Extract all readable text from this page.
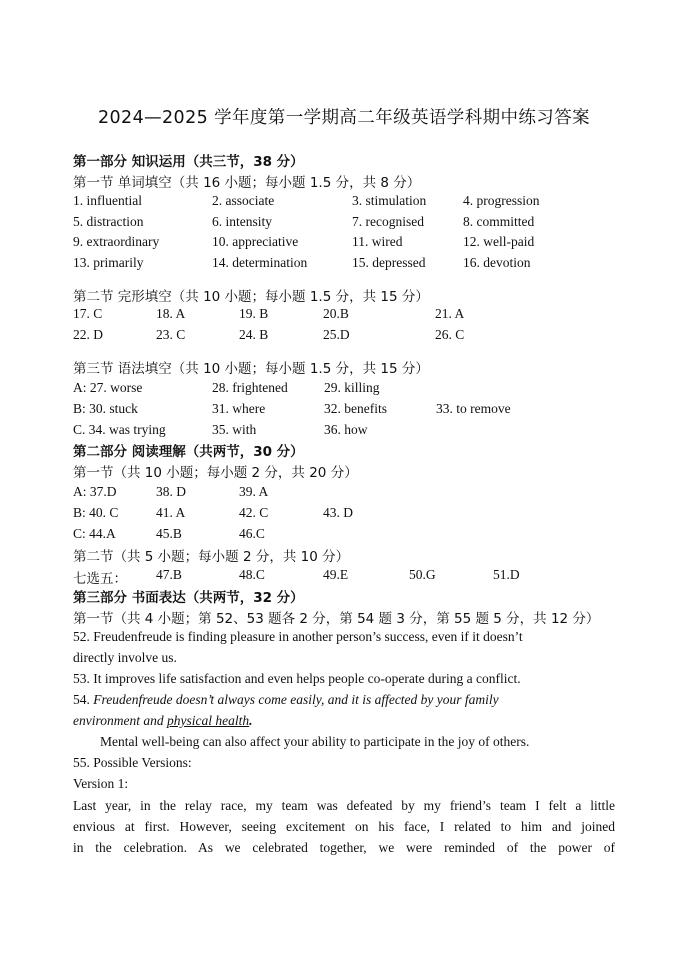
2024—2025 学年度第一学期高二年级英语学科期中练习答案
第一部分 知识运用（共三节，38 分）
第一节 单词填空（共 16 小题；每小题 1.5 分，共 8 分）
1. influential	2. associate	3. stimulation	4. progression
5. distraction	6. intensity	7. recognised	8. committed
9. extraordinary	10. appreciative	11. wired	12. well-paid
13. primarily	14. determination	15. depressed	16. devotion
第二节 完形填空（共 10 小题；每小题 1.5 分，共 15 分）
17. C	18. A	19. B	20.B	21. A
22. D	23. C	24. B	25.D	26. C
第三节 语法填空（共 10 小题；每小题 1.5 分，共 15 分）
A: 27. worse	28. frightened	29. killing
B: 30. stuck	31. where	32. benefits	33. to remove
C. 34. was trying	35. with	36. how
第二部分 阅读理解（共两节，30 分）
第一节（共 10 小题；每小题 2 分，共 20 分）
A: 37.D	38. D	39. A
B: 40. C	41. A	42. C	43. D
C: 44.A	45.B	46.C
第二节（共 5 小题；每小题 2 分，共 10 分）
七选五： 47.B	48.C	49.E	50.G	51.D
第三部分 书面表达（共两节，32 分）
第一节（共 4 小题；第 52、53 题各 2 分，第 54 题 3 分，第 55 题 5 分，共 12 分）
52. Freudenfreude is finding pleasure in another person’s success, even if it doesn’t
directly involve us.
53. It improves life satisfaction and even helps people co-operate during a conflict.
54. Freudenfreude doesn’t always come easily, and it is affected by your family
environment and physical health.
Mental well-being can also affect your ability to participate in the joy of others.
55. Possible Versions:
Version 1:
Last year, in the relay race, my team was defeated by my friend’s team I felt a little
envious at first. However, seeing excitement on his face, I related to him and joined
in the celebration. As we celebrated together, we were reminded of the power of
